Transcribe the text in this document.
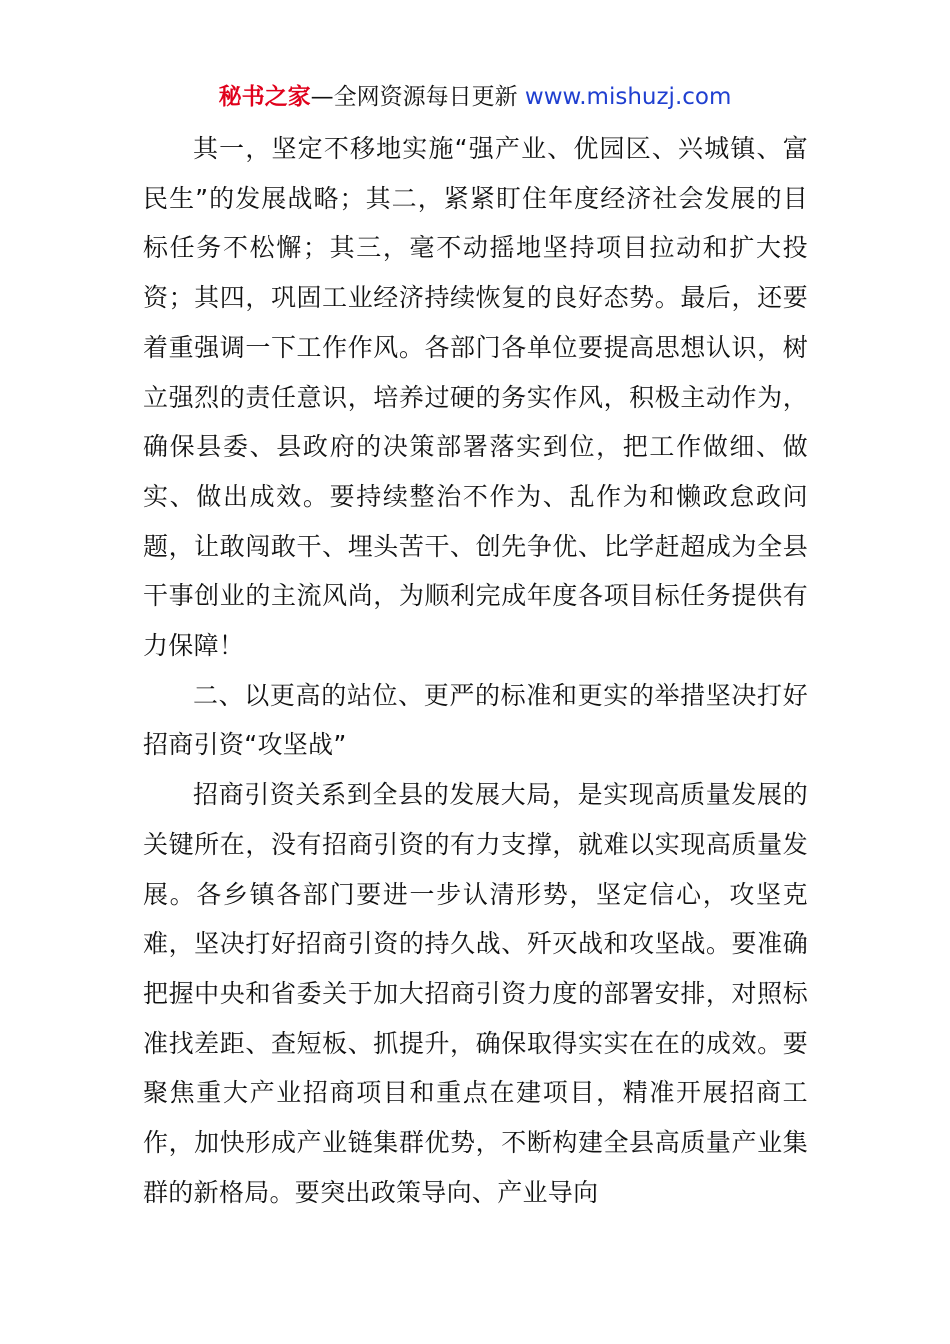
秘书之家—全网资源每日更新 www.mishuzj.com

其一，坚定不移地实施“强产业、优园区、兴城镇、富民生”的发展战略；其二，紧紧盯住年度经济社会发展的目标任务不松懈；其三，毫不动摇地坚持项目拉动和扩大投资；其四，巩固工业经济持续恢复的良好态势。最后，还要着重强调一下工作作风。各部门各单位要提高思想认识，树立强烈的责任意识，培养过硬的务实作风，积极主动作为，确保县委、县政府的决策部署落实到位，把工作做细、做实、做出成效。要持续整治不作为、乱作为和懒政怠政问题，让敢闯敢干、埋头苦干、创先争优、比学赶超成为全县干事创业的主流风尚，为顺利完成年度各项目标任务提供有力保障！

二、以更高的站位、更严的标准和更实的举措坚决打好招商引资“攻坚战”

招商引资关系到全县的发展大局，是实现高质量发展的关键所在，没有招商引资的有力支撑，就难以实现高质量发展。各乡镇各部门要进一步认清形势，坚定信心，攻坚克难，坚决打好招商引资的持久战、歼灭战和攻坚战。要准确把握中央和省委关于加大招商引资力度的部署安排，对照标准找差距、查短板、抓提升，确保取得实实在在的成效。要聚焦重大产业招商项目和重点在建项目，精准开展招商工作，加快形成产业链集群优势，不断构建全县高质量产业集群的新格局。要突出政策导向、产业导向
